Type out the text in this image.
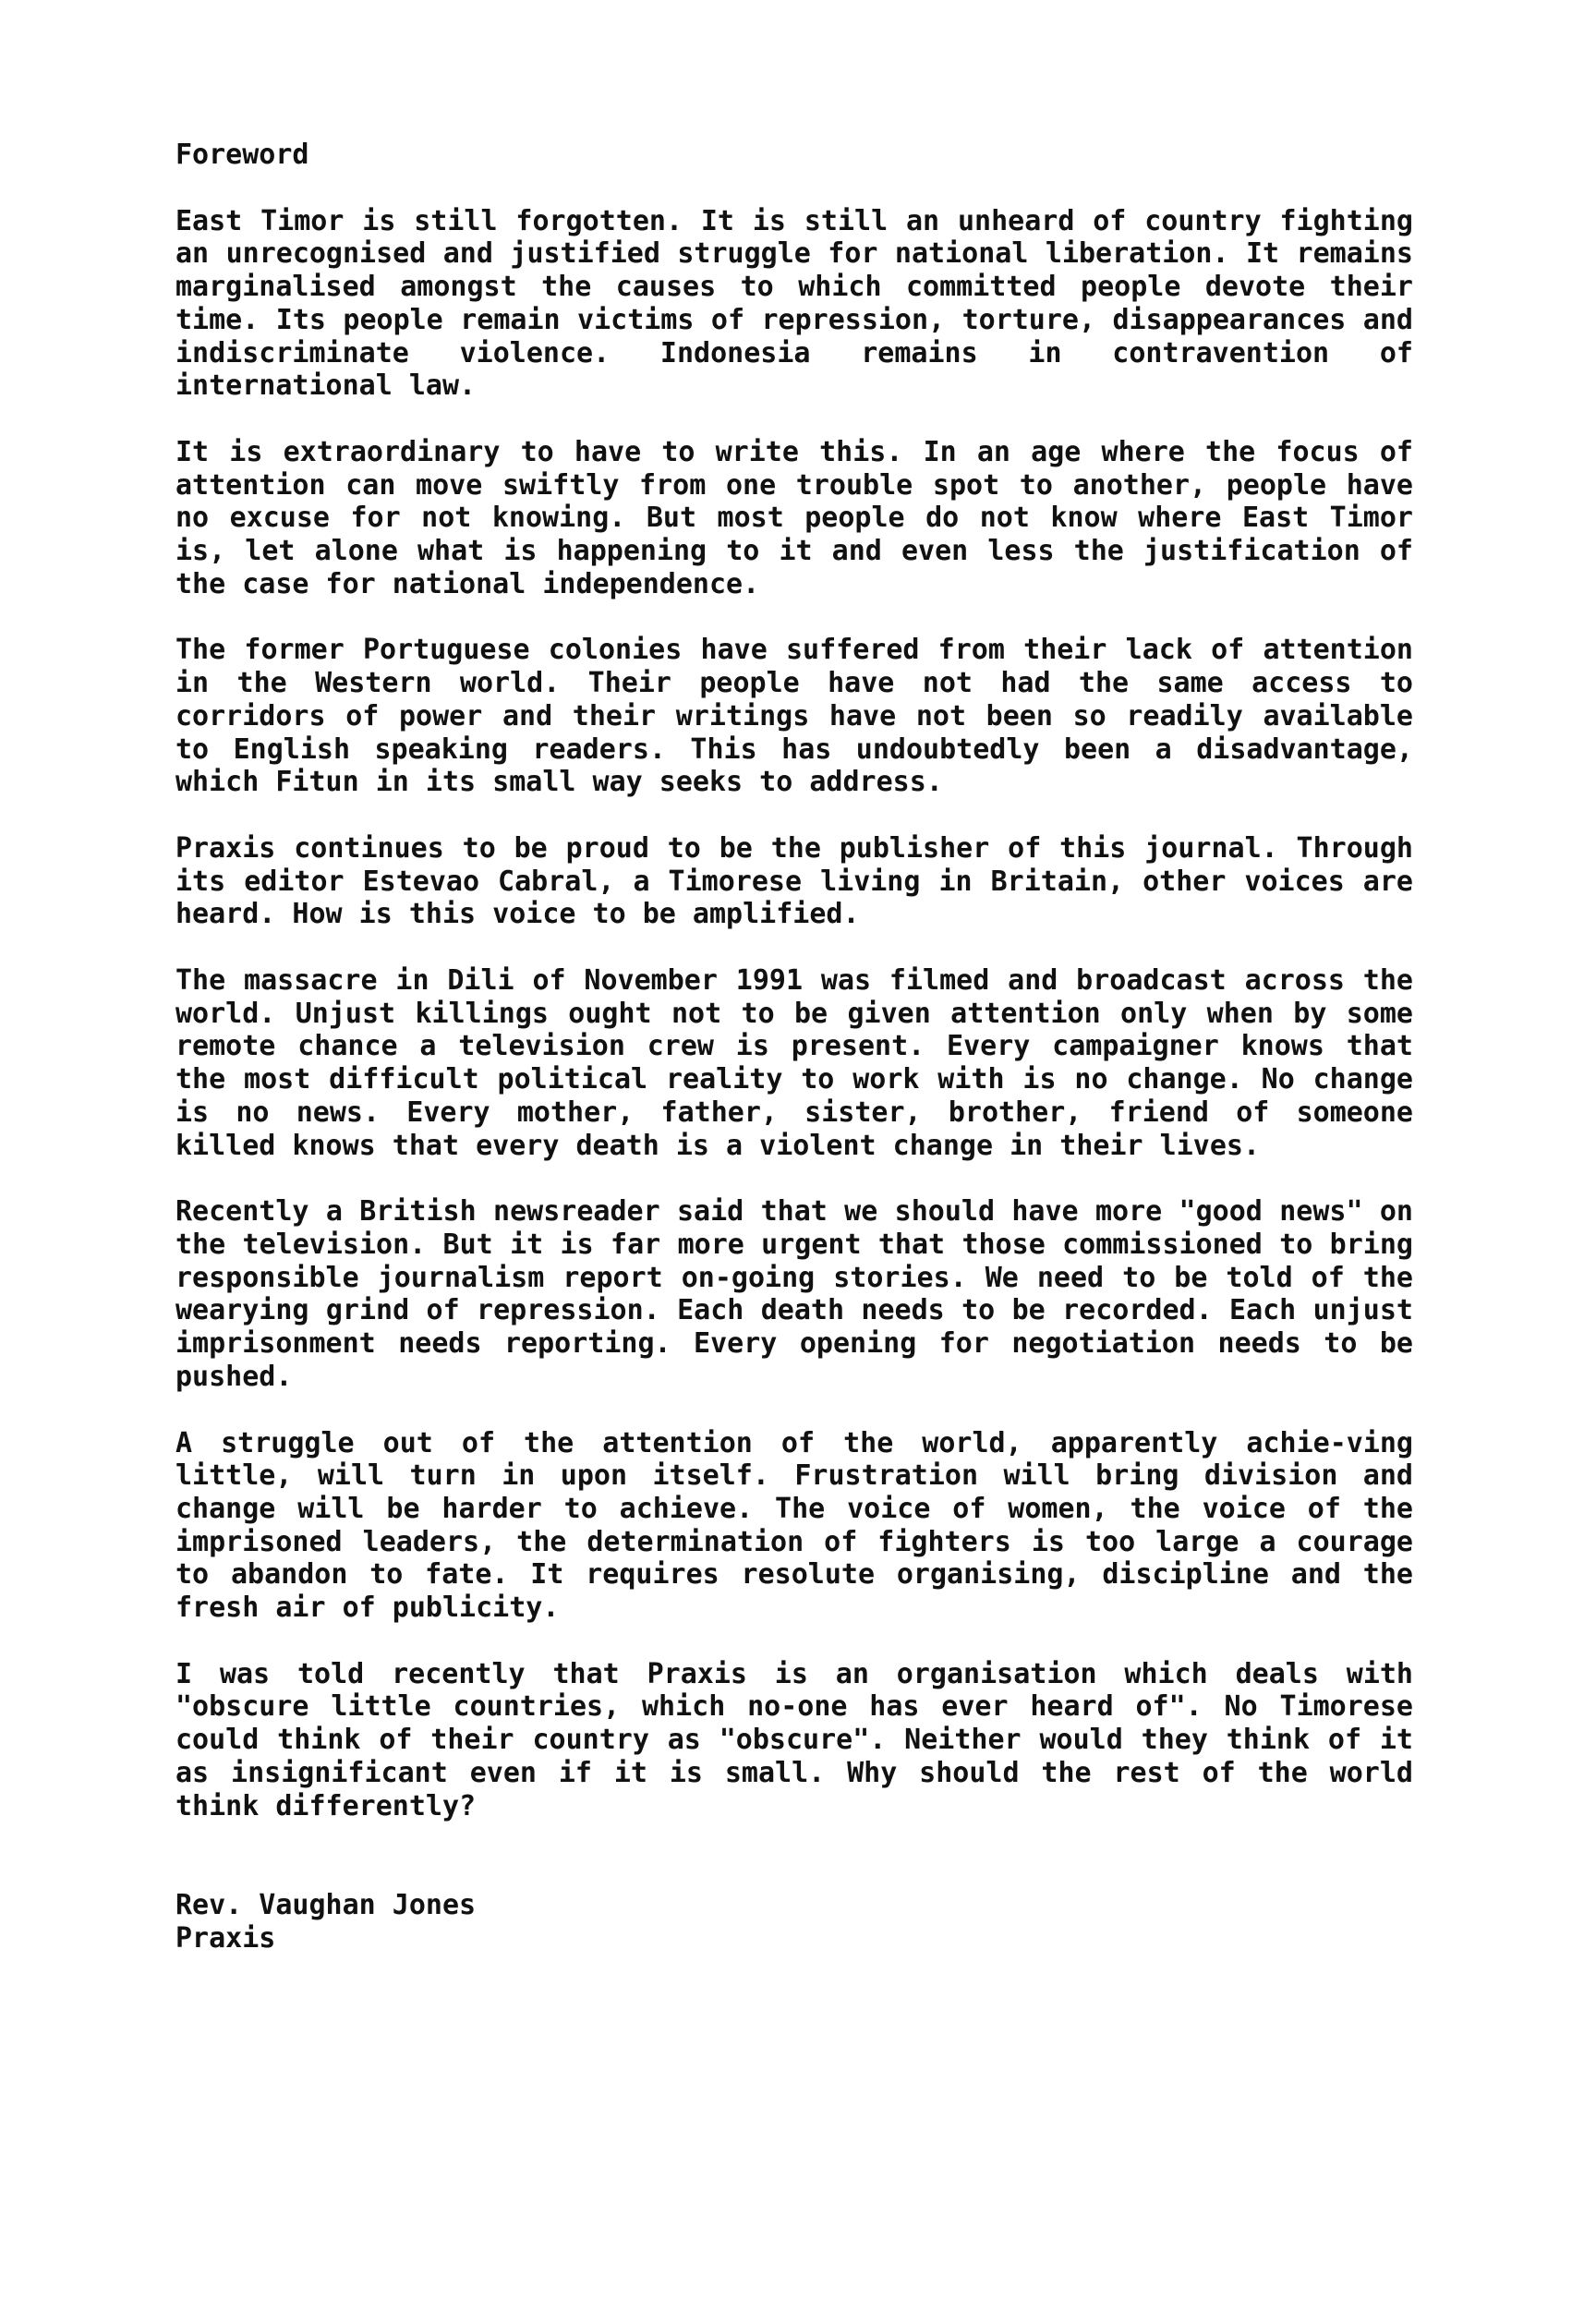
Foreword

East Timor is still forgotten. It is still an unheard of country fighting an unrecognised and justified struggle for national liberation. It remains marginalised amongst the causes to which committed people devote their time. Its people remain victims of repression, torture, disappearances and indiscriminate violence. Indonesia remains in contravention of international law.

It is extraordinary to have to write this. In an age where the focus of attention can move swiftly from one trouble spot to another, people have no excuse for not knowing. But most people do not know where East Timor is, let alone what is happening to it and even less the justification of the case for national independence.

The former Portuguese colonies have suffered from their lack of attention in the Western world. Their people have not had the same access to corridors of power and their writings have not been so readily available to English speaking readers. This has undoubtedly been a disadvantage, which Fitun in its small way seeks to address.

Praxis continues to be proud to be the publisher of this journal. Through its editor Estevao Cabral, a Timorese living in Britain, other voices are heard. How is this voice to be amplified.

The massacre in Dili of November 1991 was filmed and broadcast across the world. Unjust killings ought not to be given attention only when by some remote chance a television crew is present. Every campaigner knows that the most difficult political reality to work with is no change. No change is no news. Every mother, father, sister, brother, friend of someone killed knows that every death is a violent change in their lives.

Recently a British newsreader said that we should have more "good news" on the television. But it is far more urgent that those commissioned to bring responsible journalism report on-going stories. We need to be told of the wearying grind of repression. Each death needs to be recorded. Each unjust imprisonment needs reporting. Every opening for negotiation needs to be pushed.

A struggle out of the attention of the world, apparently achie-ving little, will turn in upon itself. Frustration will bring division and change will be harder to achieve. The voice of women, the voice of the imprisoned leaders, the determination of fighters is too large a courage to abandon to fate. It requires resolute organising, discipline and the fresh air of publicity.

I was told recently that Praxis is an organisation which deals with "obscure little countries, which no-one has ever heard of". No Timorese could think of their country as "obscure". Neither would they think of it as insignificant even if it is small. Why should the rest of the world think differently?

Rev. Vaughan Jones
Praxis
